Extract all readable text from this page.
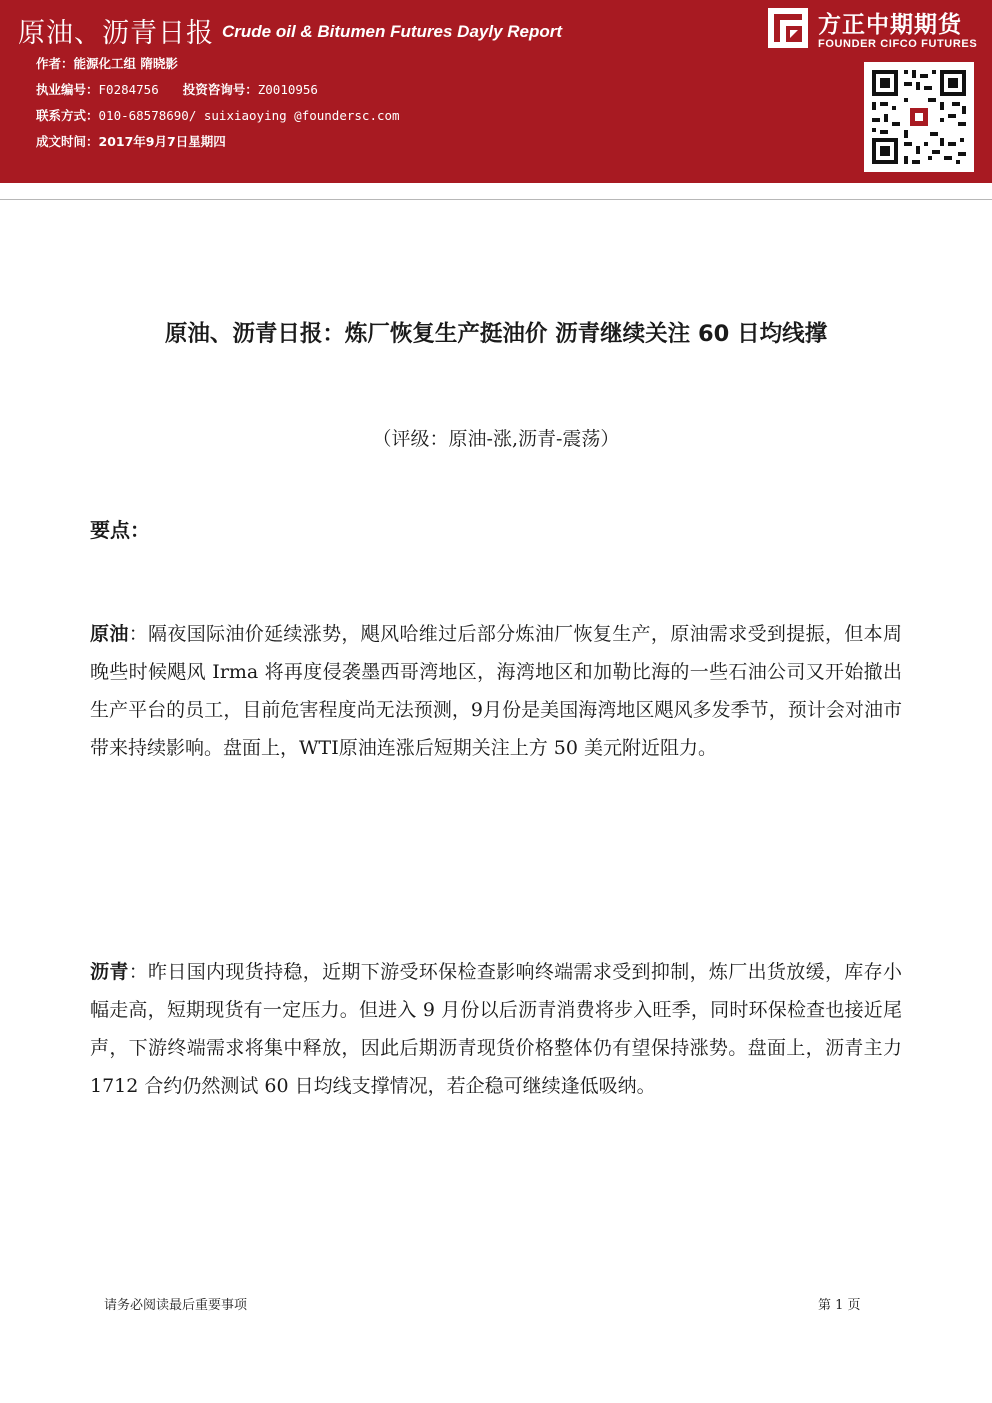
原油、沥青日报 Crude oil & Bitumen Futures Dayly Report	方正中期期货
FOUNDER CIFCO FUTURES
作者：能源化工组 隋晓影
执业编号：F0284756 投资咨询号：Z0010956
联系方式：010-68578690/ suixiaoying @foundersc.com
成文时间：2017年9月7日星期四
原油、沥青日报：炼厂恢复生产挺油价 沥青继续关注 60 日均线撑
（评级：原油-涨,沥青-震荡）
要点：
原油：隔夜国际油价延续涨势，飓风哈维过后部分炼油厂恢复生产，原油需求受到提振，但本周晚些时候飓风 Irma 将再度侵袭墨西哥湾地区，海湾地区和加勒比海的一些石油公司又开始撤出生产平台的员工，目前危害程度尚无法预测，9月份是美国海湾地区飓风多发季节，预计会对油市带来持续影响。盘面上，WTI原油连涨后短期关注上方 50 美元附近阻力。
沥青：昨日国内现货持稳，近期下游受环保检查影响终端需求受到抑制，炼厂出货放缓，库存小幅走高，短期现货有一定压力。但进入 9 月份以后沥青消费将步入旺季，同时环保检查也接近尾声，下游终端需求将集中释放，因此后期沥青现货价格整体仍有望保持涨势。盘面上，沥青主力 1712 合约仍然测试 60 日均线支撑情况，若企稳可继续逢低吸纳。
请务必阅读最后重要事项	第 1 页
